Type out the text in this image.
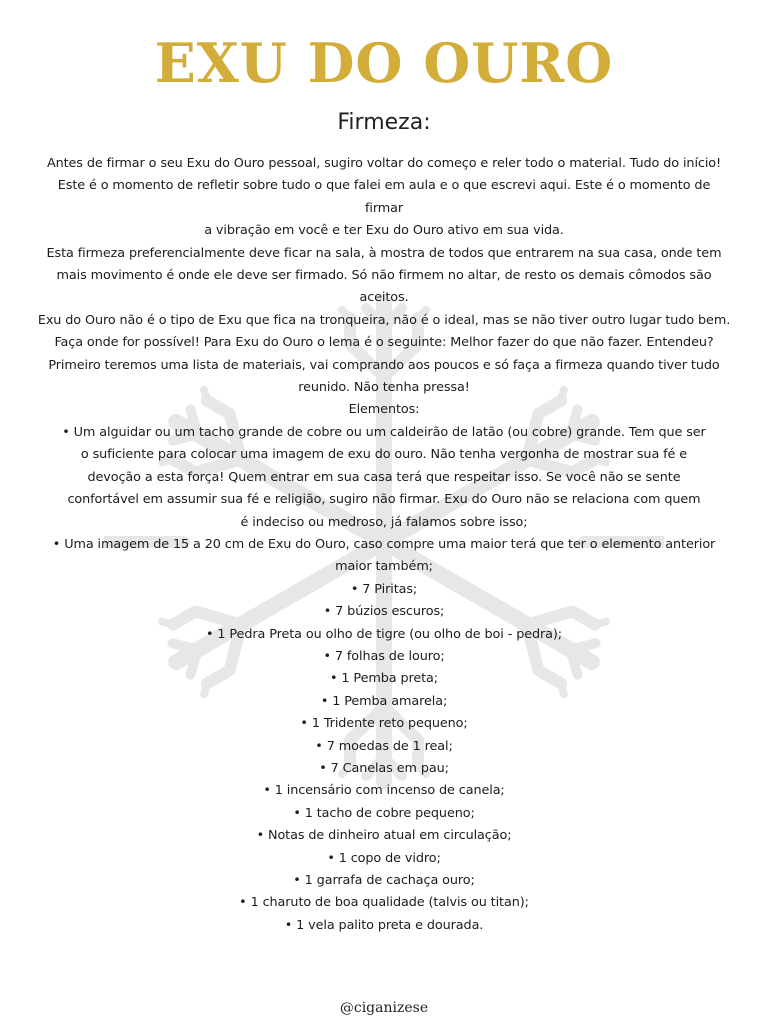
EXU DO OURO
Firmeza:
Antes de firmar o seu Exu do Ouro pessoal, sugiro voltar do começo e reler todo o material. Tudo do início!
Este é o momento de refletir sobre tudo o que falei em aula e o que escrevi aqui. Este é o momento de
firmar
a vibração em você e ter Exu do Ouro ativo em sua vida.
Esta firmeza preferencialmente deve ficar na sala, à mostra de todos que entrarem na sua casa, onde tem
mais movimento é onde ele deve ser firmado. Só não firmem no altar, de resto os demais cômodos são
aceitos.
Exu do Ouro não é o tipo de Exu que fica na tronqueira, não é o ideal, mas se não tiver outro lugar tudo bem.
Faça onde for possível! Para Exu do Ouro o lema é o seguinte: Melhor fazer do que não fazer. Entendeu?
Primeiro teremos uma lista de materiais, vai comprando aos poucos e só faça a firmeza quando tiver tudo
reunido. Não tenha pressa!
Elementos:
• Um alguidar ou um tacho grande de cobre ou um caldeirão de latão (ou cobre) grande. Tem que ser
o suficiente para colocar uma imagem de exu do ouro. Não tenha vergonha de mostrar sua fé e
devoção a esta força! Quem entrar em sua casa terá que respeitar isso. Se você não se sente
confortável em assumir sua fé e religião, sugiro não firmar. Exu do Ouro não se relaciona com quem
é indeciso ou medroso, já falamos sobre isso;
• Uma imagem de 15 a 20 cm de Exu do Ouro, caso compre uma maior terá que ter o elemento anterior
maior também;
• 7 Piritas;
• 7 búzios escuros;
• 1 Pedra Preta ou olho de tigre (ou olho de boi - pedra);
• 7 folhas de louro;
• 1 Pemba preta;
• 1 Pemba amarela;
• 1 Tridente reto pequeno;
• 7 moedas de 1 real;
• 7 Canelas em pau;
• 1 incensário com incenso de canela;
• 1 tacho de cobre pequeno;
• Notas de dinheiro atual em circulação;
• 1 copo de vidro;
• 1 garrafa de cachaça ouro;
• 1 charuto de boa qualidade (talvis ou titan);
• 1 vela palito preta e dourada.
@ciganizese
